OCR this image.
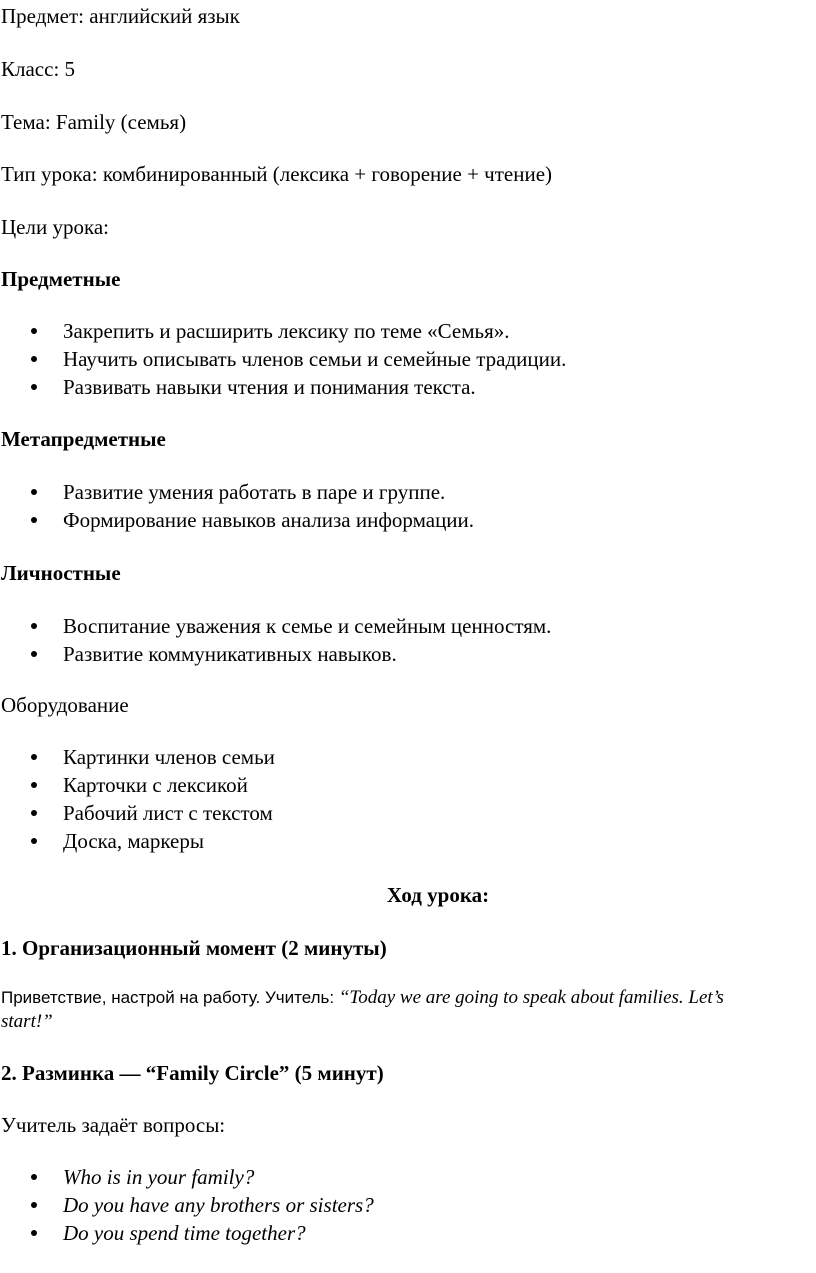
Предмет: английский язык

Класс: 5

Тема: Family (семья)

Тип урока: комбинированный (лексика + говорение + чтение)

Цели урока:

Предметные

Закрепить и расширить лексику по теме «Семья».
Научить описывать членов семьи и семейные традиции.
Развивать навыки чтения и понимания текста.

Метапредметные

Развитие умения работать в паре и группе.
Формирование навыков анализа информации.

Личностные

Воспитание уважения к семье и семейным ценностям.
Развитие коммуникативных навыков.

Оборудование

Картинки членов семьи
Карточки с лексикой
Рабочий лист с текстом
Доска, маркеры
Ход урока:

1. Организационный момент (2 минуты)

Приветствие, настрой на работу. Учитель: “Today we are going to speak about families. Let’s
start!”

2. Разминка — “Family Circle” (5 минут)

Учитель задаёт вопросы:

Who is in your family?
Do you have any brothers or sisters?
Do you spend time together?
